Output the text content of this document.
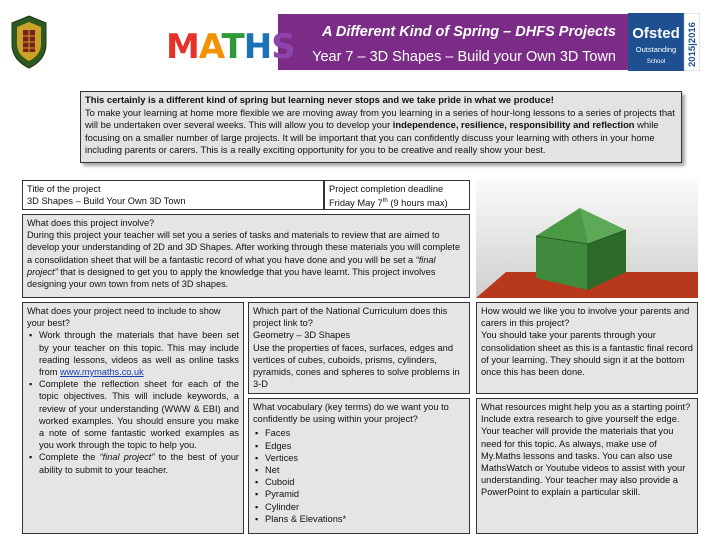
A Different Kind of Spring – DHFS Projects
Year 7 – 3D Shapes – Build your Own 3D Town
MATHS	Ofsted
Outstanding
School 2015|2016
This certainly is a different kind of spring but learning never stops and we take pride in what we produce!
To make your learning at home more flexible we are moving away from you learning in a series of hour-long lessons to a series of projects that will be undertaken over several weeks. This will allow you to develop your independence, resilience, responsibility and reflection while focusing on a smaller number of large projects. It will be important that you can confidently discuss your learning with others in your home including parents or carers. This is a really exciting opportunity for you to be creative and really show your best.
Title of the project
3D Shapes – Build Your Own 3D Town
Project completion deadline
Friday May 7th (9 hours max)
What does this project involve?
During this project your teacher will set you a series of tasks and materials to review that are aimed to develop your understanding of 2D and 3D Shapes. After working through these materials you will complete a consolidation sheet that will be a fantastic record of what you have done and you will be set a “final project” that is designed to get you to apply the knowledge that you have learnt. This project involves designing your own town from nets of 3D shapes.
What does your project need to include to show your best?
▪ Work through the materials that have been set by your teacher on this topic. This may include reading lessons, videos as well as online tasks from www.mymaths.co.uk
▪ Complete the reflection sheet for each of the topic objectives. This will include keywords, a review of your understanding (WWW & EBI) and worked examples. You should ensure you make a note of some fantastic worked examples as you work through the topic to help you.
▪ Complete the “final project” to the best of your ability to submit to your teacher.
Which part of the National Curriculum does this project link to?
Geometry – 3D Shapes
Use the properties of faces, surfaces, edges and vertices of cubes, cuboids, prisms, cylinders, pyramids, cones and spheres to solve problems in 3-D
What vocabulary (key terms) do we want you to confidently be using within your project?
▪ Faces
▪ Edges
▪ Vertices
▪ Net
▪ Cuboid
▪ Pyramid
▪ Cylinder
▪ Plans & Elevations*
How would we like you to involve your parents and carers in this project?
You should take your parents through your consolidation sheet as this is a fantastic final record of your learning. They should sign it at the bottom once this has been done.
What resources might help you as a starting point? Include extra research to give yourself the edge.
Your teacher will provide the materials that you need for this topic. As always, make use of My.Maths lessons and tasks. You can also use MathsWatch or Youtube videos to assist with your understanding. Your teacher may also provide a PowerPoint to explain a particular skill.
